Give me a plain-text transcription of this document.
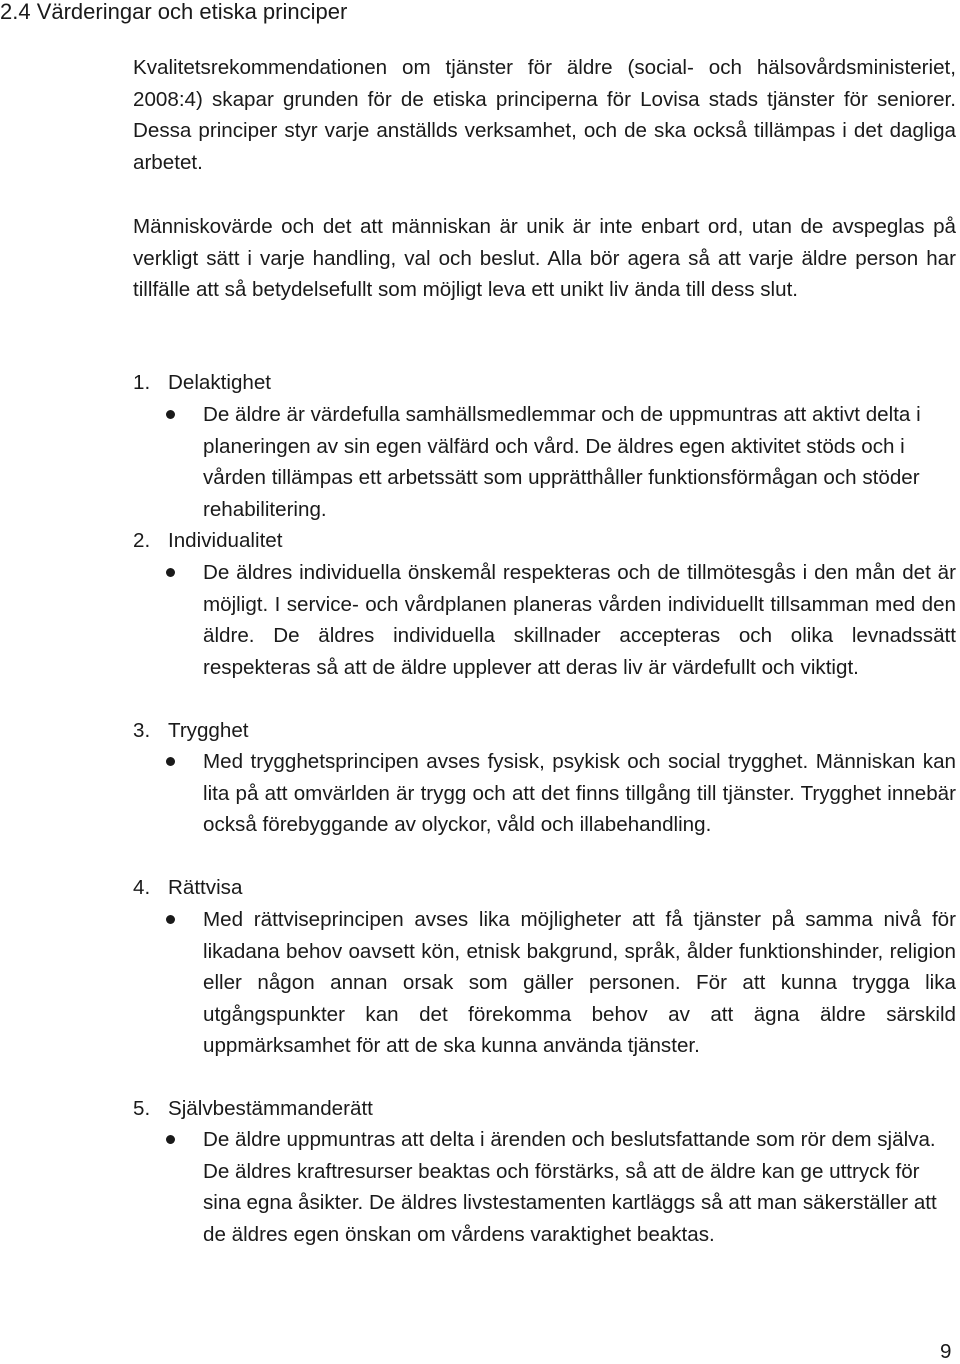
2.4 Värderingar och etiska principer

Kvalitetsrekommendationen om tjänster för äldre (social- och hälsovårdsministeriet, 2008:4) skapar grunden för de etiska principerna för Lovisa stads tjänster för seniorer. Dessa principer styr varje anställds verksamhet, och de ska också tillämpas i det dagliga arbetet.

Människovärde och det att människan är unik är inte enbart ord, utan de avspeglas på verkligt sätt i varje handling, val och beslut. Alla bör agera så att varje äldre person har tillfälle att så betydelsefullt som möjligt leva ett unikt liv ända till dess slut.

1. Delaktighet

De äldre är värdefulla samhällsmedlemmar och de uppmuntras att aktivt delta i planeringen av sin egen välfärd och vård. De äldres egen aktivitet stöds och i vården tillämpas ett arbetssätt som upprätthåller funktionsförmågan och stöder rehabilitering.

2. Individualitet

De äldres individuella önskemål respekteras och de tillmötesgås i den mån det är möjligt. I service- och vårdplanen planeras vården individuellt tillsamman med den äldre. De äldres individuella skillnader accepteras och olika levnadssätt respekteras så att de äldre upplever att deras liv är värdefullt och viktigt.

3. Trygghet

Med trygghetsprincipen avses fysisk, psykisk och social trygghet. Människan kan lita på att omvärlden är trygg och att det finns tillgång till tjänster. Trygghet innebär också förebyggande av olyckor, våld och illabehandling.

4. Rättvisa

Med rättviseprincipen avses lika möjligheter att få tjänster på samma nivå för likadana behov oavsett kön, etnisk bakgrund, språk, ålder funktionshinder, religion eller någon annan orsak som gäller personen. För att kunna trygga lika utgångspunkter kan det förekomma behov av att ägna äldre särskild uppmärksamhet för att de ska kunna använda tjänster.

5. Självbestämmanderätt

De äldre uppmuntras att delta i ärenden och beslutsfattande som rör dem själva. De äldres kraftresurser beaktas och förstärks, så att de äldre kan ge uttryck för sina egna åsikter. De äldres livstestamenten kartläggs så att man säkerställer att de äldres egen önskan om vårdens varaktighet beaktas.

9
